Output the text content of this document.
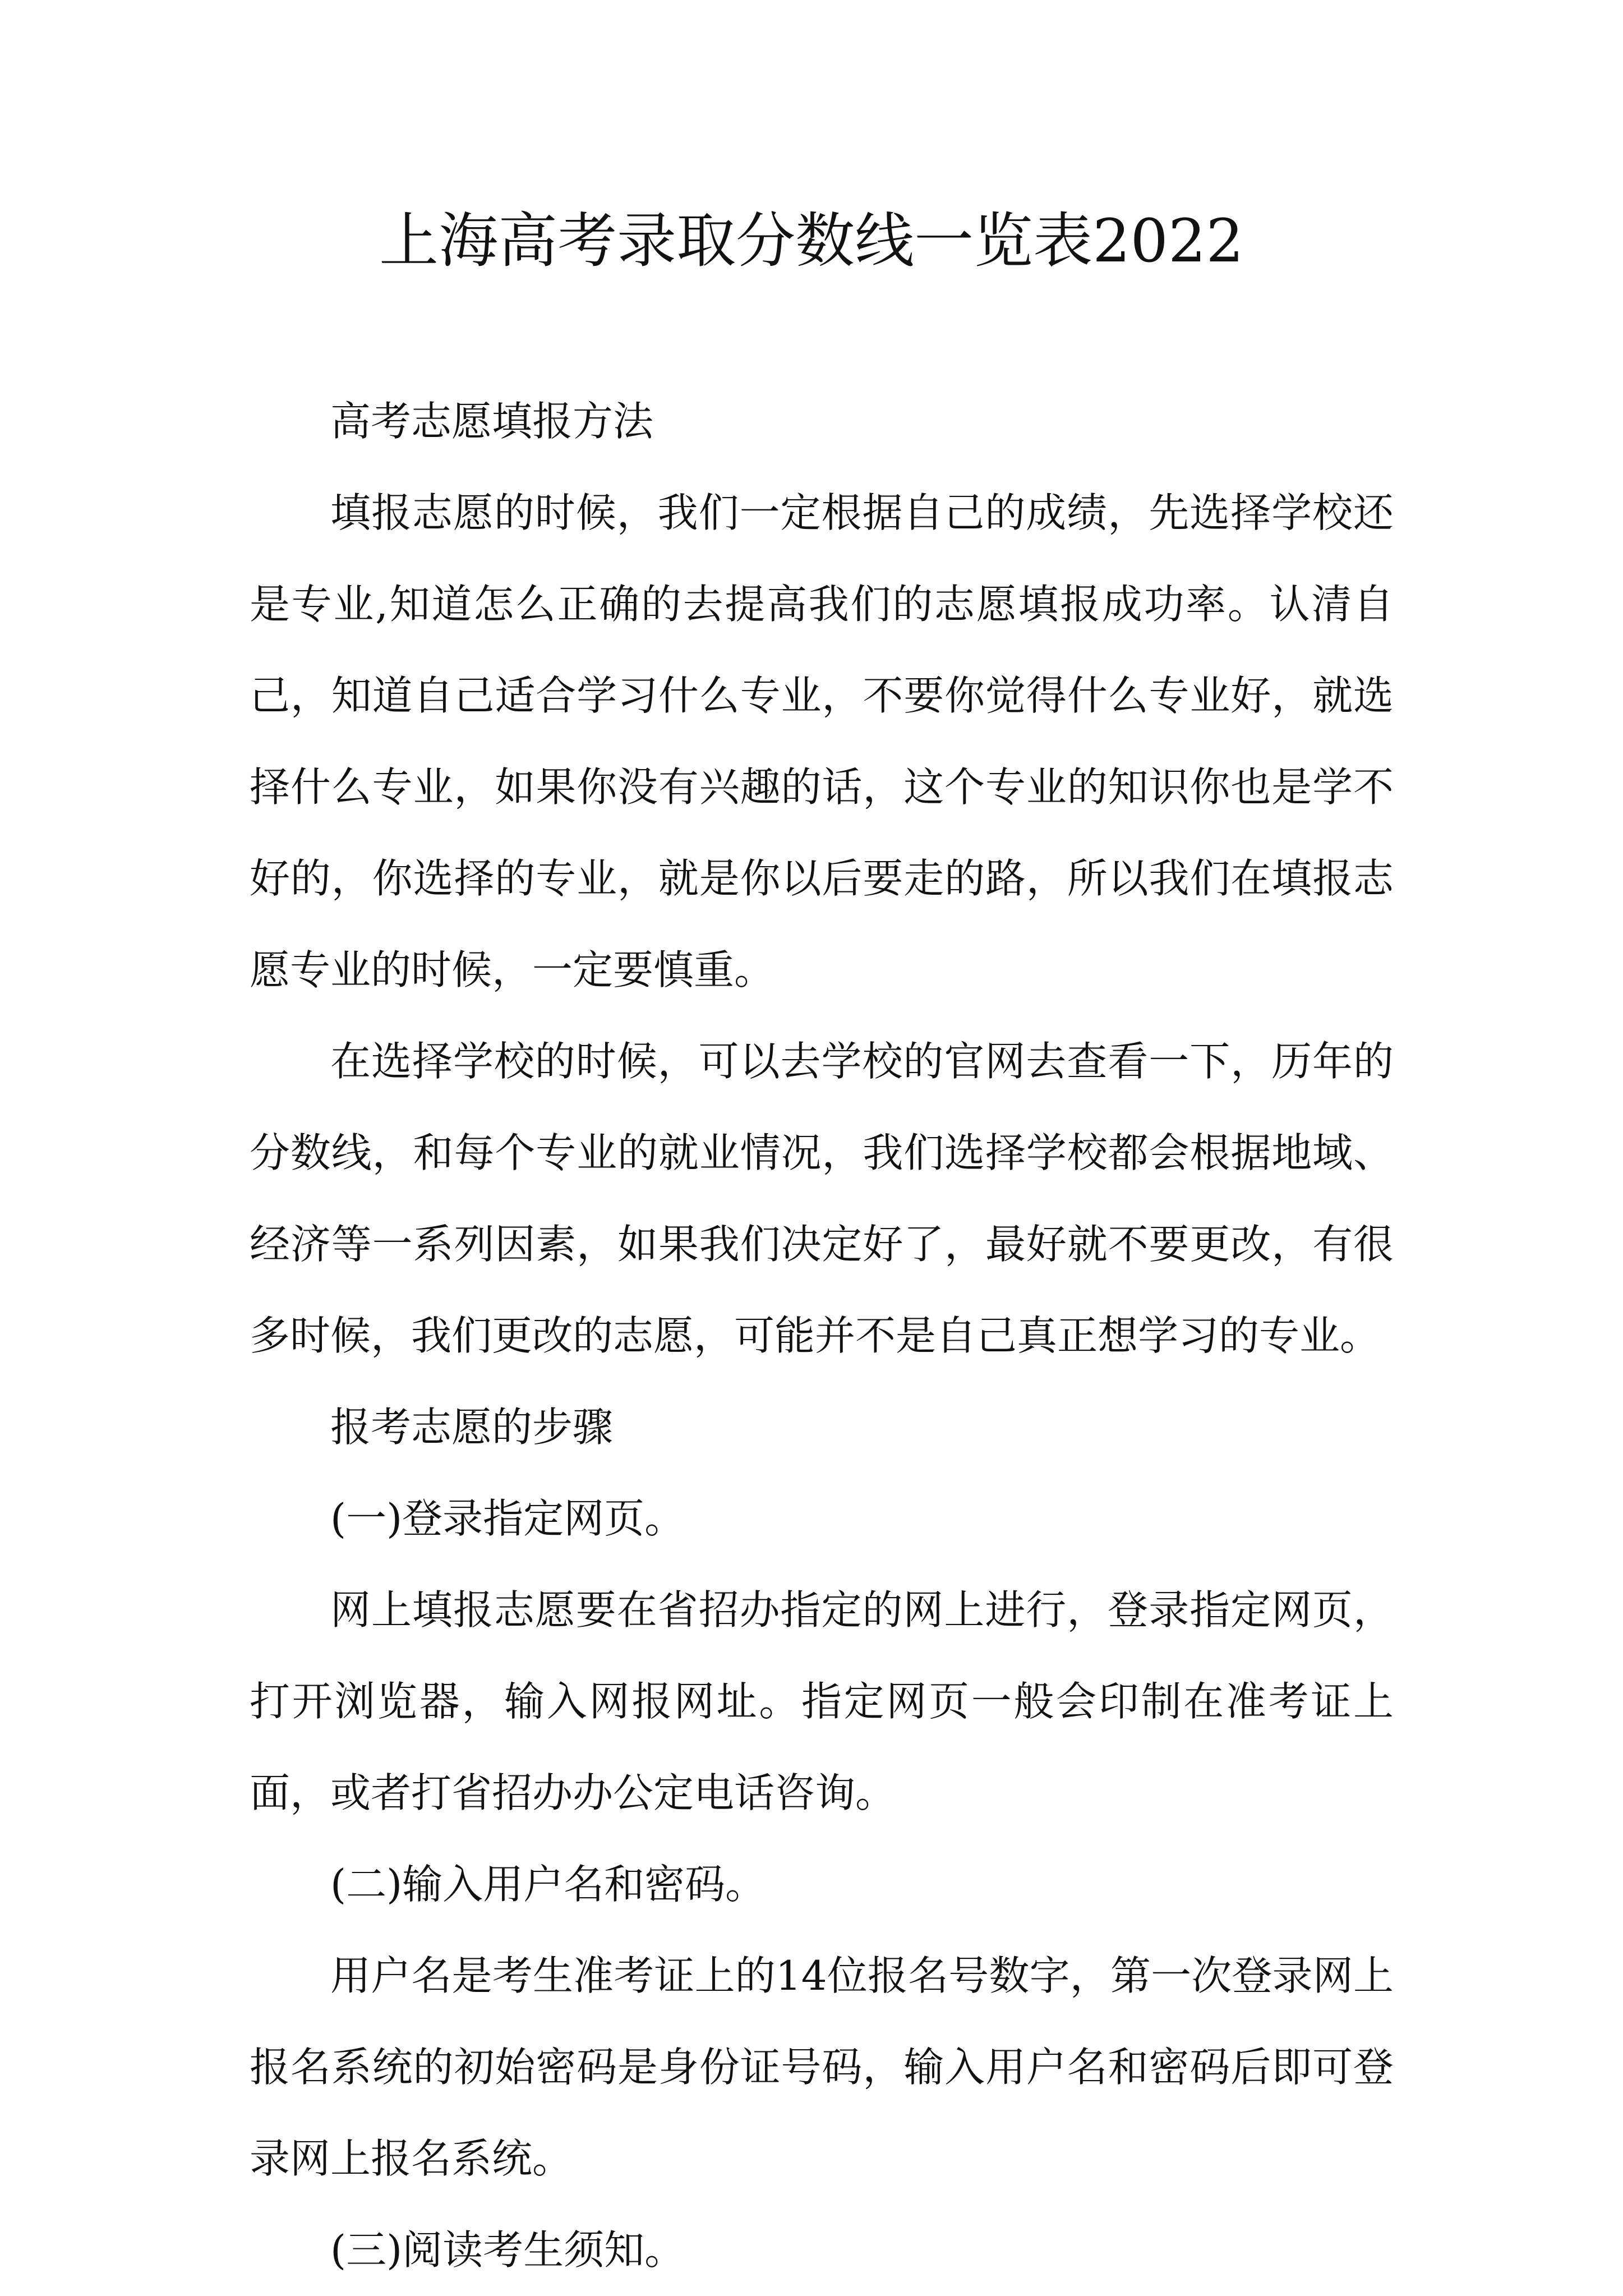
上海高考录取分数线一览表2022

高考志愿填报方法

填报志愿的时候，我们一定根据自己的成绩，先选择学校还是专业,知道怎么正确的去提高我们的志愿填报成功率。认清自己，知道自己适合学习什么专业，不要你觉得什么专业好，就选择什么专业，如果你没有兴趣的话，这个专业的知识你也是学不好的，你选择的专业，就是你以后要走的路，所以我们在填报志愿专业的时候，一定要慎重。

在选择学校的时候，可以去学校的官网去查看一下，历年的分数线，和每个专业的就业情况，我们选择学校都会根据地域、经济等一系列因素，如果我们决定好了，最好就不要更改，有很多时候，我们更改的志愿，可能并不是自己真正想学习的专业。

报考志愿的步骤

(一)登录指定网页。

网上填报志愿要在省招办指定的网上进行，登录指定网页，打开浏览器，输入网报网址。指定网页一般会印制在准考证上面，或者打省招办办公定电话咨询。

(二)输入用户名和密码。

用户名是考生准考证上的14位报名号数字，第一次登录网上报名系统的初始密码是身份证号码，输入用户名和密码后即可登录网上报名系统。

(三)阅读考生须知。
